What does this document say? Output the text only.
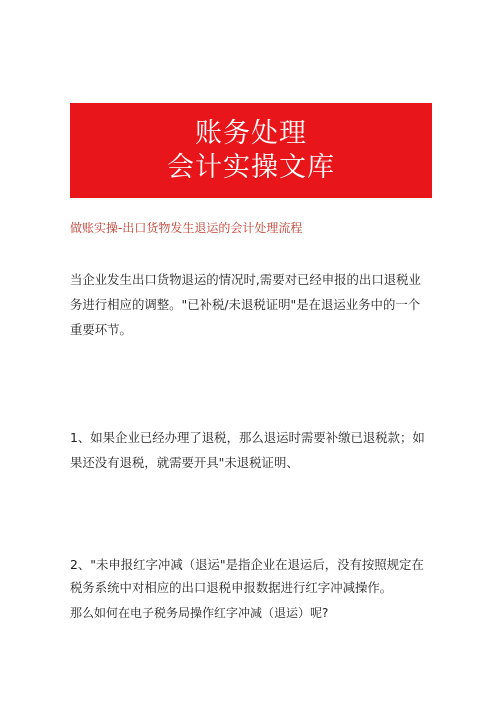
账务处理
会计实操文库
做账实操-出口货物发生退运的会计处理流程

当企业发生出口货物退运的情况时,需要对已经申报的出口退税业
务进行相应的调整。"已补税/未退税证明"是在退运业务中的一个
重要环节。

1、如果企业已经办理了退税，那么退运时需要补缴已退税款；如
果还没有退税，就需要开具"未退税证明、

2、"未申报红字冲减（退运"是指企业在退运后，没有按照规定在
税务系统中对相应的出口退税申报数据进行红字冲减操作。

那么如何在电子税务局操作红字冲减（退运）呢?
